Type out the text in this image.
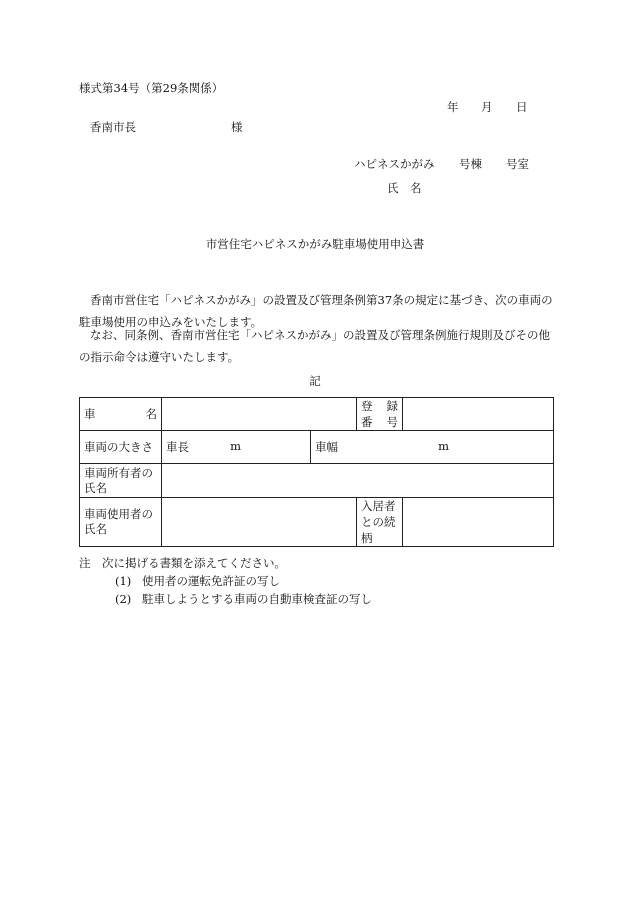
様式第34号（第29条関係）
年 月 日
香南市長	様
ハピネスかがみ 号棟 号室
氏　名
市営住宅ハピネスかがみ駐車場使用申込書
香南市営住宅「ハピネスかがみ」の設置及び管理条例第37条の規定に基づき、次の車両の駐車場使用の申込みをいたします。
なお、同条例、香南市営住宅「ハピネスかがみ」の設置及び管理条例施行規則及びその他の指示命令は遵守いたします。
記
車　　名			登　録　番　号	

車両の大きさ	車長 m	車幅 m		

車両所有者の氏名				

車両使用者の氏名			入居者との続柄	
注　次に掲げる書類を添えてください。
(1) 使用者の運転免許証の写し
(2) 駐車しようとする車両の自動車検査証の写し
